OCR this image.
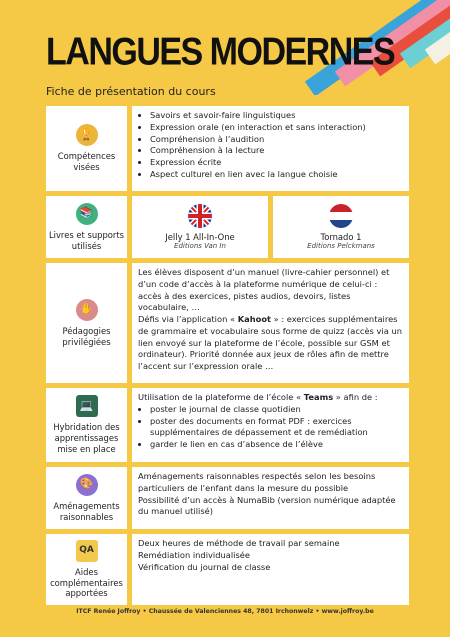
LANGUES MODERNES
Fiche de présentation du cours
🏆
Compétences visées
• Savoirs et savoir-faire linguistiques
• Expression orale (en interaction et sans interaction)
• Compréhension à l’audition
• Compréhension à la lecture
• Expression écrite
• Aspect culturel en lien avec la langue choisie
📚
Livres et supports utilisés
Jelly 1 All-In-One
Editions Van In
Tornado 1
Editions Pelckmans
✋
Pédagogies privilégiées

Les élèves disposent d’un manuel (livre-cahier personnel) et d’un code d’accès à la plateforme numérique de celui-ci : accès à des exercices, pistes audios, devoirs, listes vocabulaire, …

Défis via l’application « Kahoot » : exercices supplémentaires de grammaire et vocabulaire sous forme de quizz (accès via un lien envoyé sur la plateforme de l’école, possible sur GSM et ordinateur). Priorité donnée aux jeux de rôles afin de mettre l’accent sur l’expression orale …

💻
Hybridation des apprentissages mise en place

Utilisation de la plateforme de l’école « Teams » afin de :

• poster le journal de classe quotidien
• poster des documents en format PDF : exercices supplémentaires de dépassement et de remédiation
• garder le lien en cas d’absence de l’élève
🎨
Aménagements raisonnables

Aménagements raisonnables respectés selon les besoins particuliers de l’enfant dans la mesure du possible

Possibilité d’un accès à NumaBib (version numérique adaptée du manuel utilisé)

QA
Aides complémentaires apportées

Deux heures de méthode de travail par semaine

Remédiation individualisée

Vérification du journal de classe

ITCF Renée Joffroy • Chaussée de Valenciennes 48, 7801 Irchonwelz • www.joffroy.be
